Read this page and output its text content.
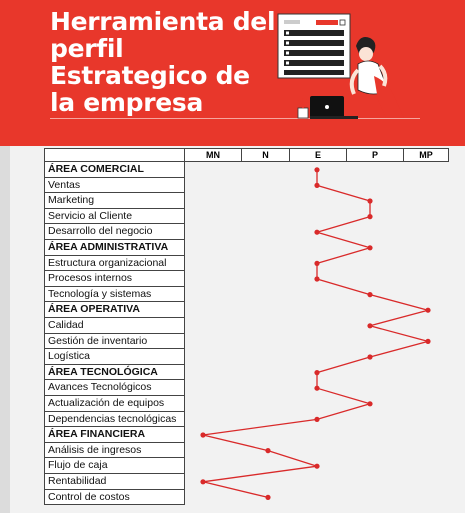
Herramienta del
perfil
Estrategico de
la empresa
MN	N	E	P	MP
ÁREA COMERCIAL
Ventas
Marketing
Servicio al Cliente
Desarrollo del negocio
ÁREA ADMINISTRATIVA
Estructura organizacional
Procesos internos
Tecnología y sistemas
ÁREA OPERATIVA
Calidad
Gestión de inventario
Logística
ÁREA TECNOLÓGICA
Avances Tecnológicos
Actualización de equipos
Dependencias tecnológicas
ÁREA FINANCIERA
Análisis de ingresos
Flujo de caja
Rentabilidad
Control de costos
